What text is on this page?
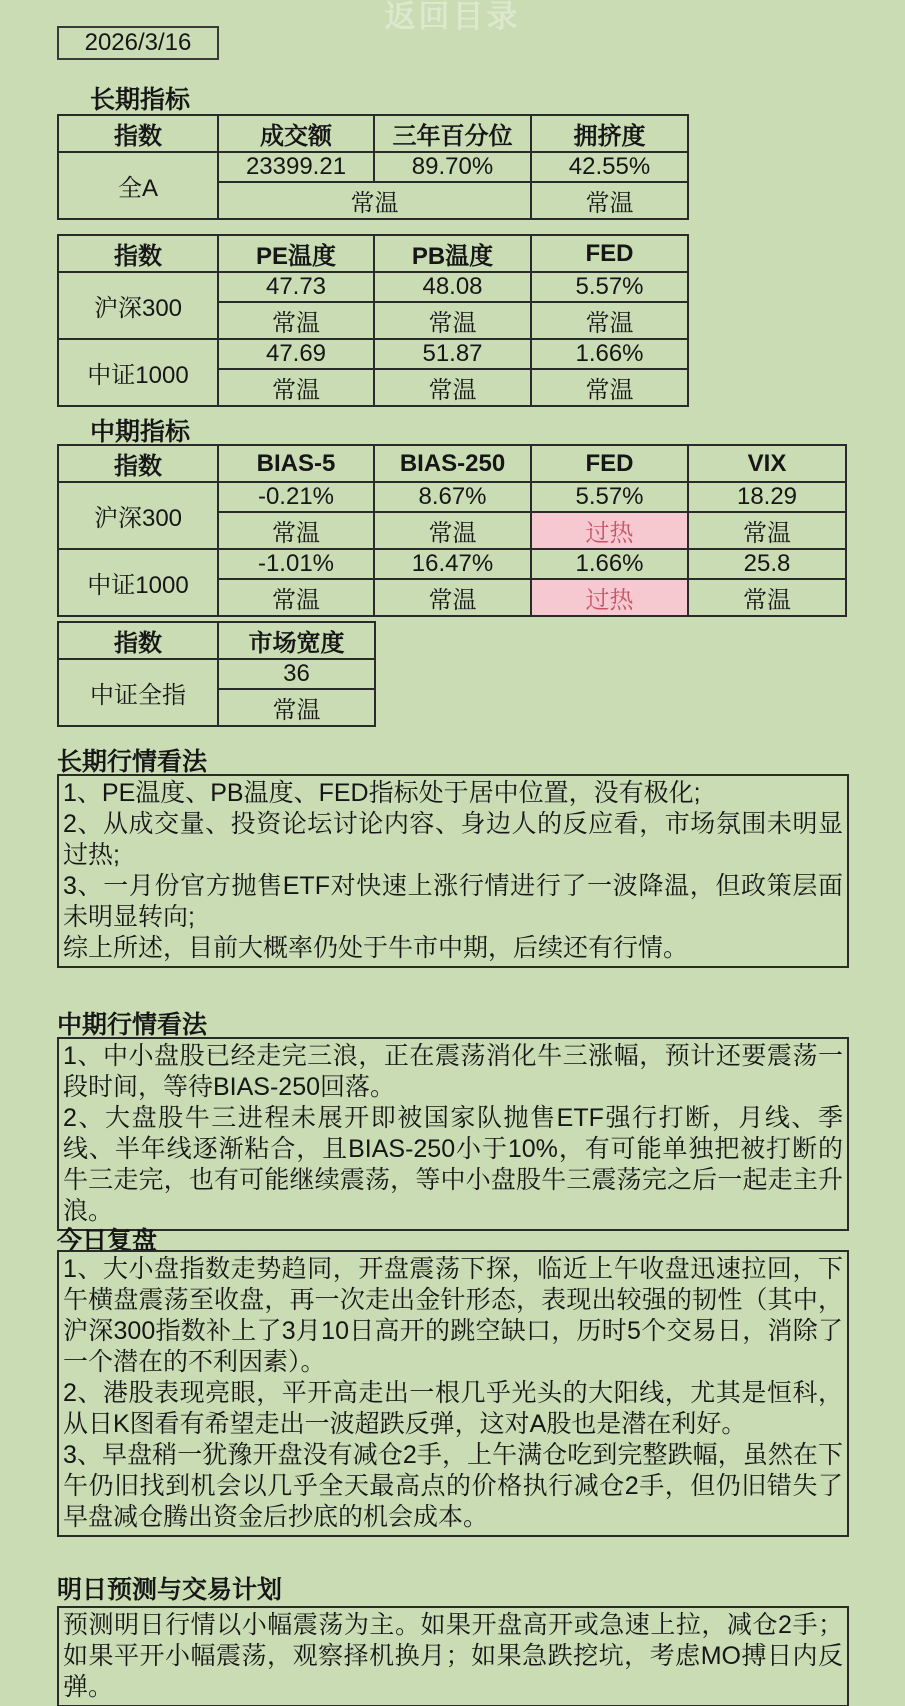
返回目录
2026/3/16
长期指标
指数	成交额	三年百分位	拥挤度
全A	23399.21	89.70%	42.55%
	常温		常温
指数	PE温度	PB温度	FED
沪深300	47.73	48.08	5.57%
	常温	常温	常温
中证1000	47.69	51.87	1.66%
	常温	常温	常温
中期指标
指数	BIAS-5	BIAS-250	FED	VIX
沪深300	-0.21%	8.67%	5.57%	18.29
	常温	常温	过热	常温
中证1000	-1.01%	16.47%	1.66%	25.8
	常温	常温	过热	常温
指数	市场宽度
中证全指	36
	常温
长期行情看法

1、PE温度、PB温度、FED指标处于居中位置，没有极化;

2、从成交量、投资论坛讨论内容、身边人的反应看，市场氛围未明显过热;

3、一月份官方抛售ETF对快速上涨行情进行了一波降温，但政策层面未明显转向;

综上所述，目前大概率仍处于牛市中期，后续还有行情。

中期行情看法

1、中小盘股已经走完三浪，正在震荡消化牛三涨幅，预计还要震荡一段时间，等待BIAS-250回落。

2、大盘股牛三进程未展开即被国家队抛售ETF强行打断，月线、季线、半年线逐渐粘合，且BIAS-250小于10%，有可能单独把被打断的牛三走完，也有可能继续震荡，等中小盘股牛三震荡完之后一起走主升浪。

今日复盘

1、大小盘指数走势趋同，开盘震荡下探，临近上午收盘迅速拉回，下午横盘震荡至收盘，再一次走出金针形态，表现出较强的韧性（其中，沪深300指数补上了3月10日高开的跳空缺口，历时5个交易日，消除了一个潜在的不利因素）。

2、港股表现亮眼，平开高走出一根几乎光头的大阳线，尤其是恒科，从日K图看有希望走出一波超跌反弹，这对A股也是潜在利好。

3、早盘稍一犹豫开盘没有减仓2手，上午满仓吃到完整跌幅，虽然在下午仍旧找到机会以几乎全天最高点的价格执行减仓2手，但仍旧错失了早盘减仓腾出资金后抄底的机会成本。

明日预测与交易计划

预测明日行情以小幅震荡为主。如果开盘高开或急速上拉，减仓2手；如果平开小幅震荡，观察择机换月；如果急跌挖坑，考虑MO搏日内反弹。
